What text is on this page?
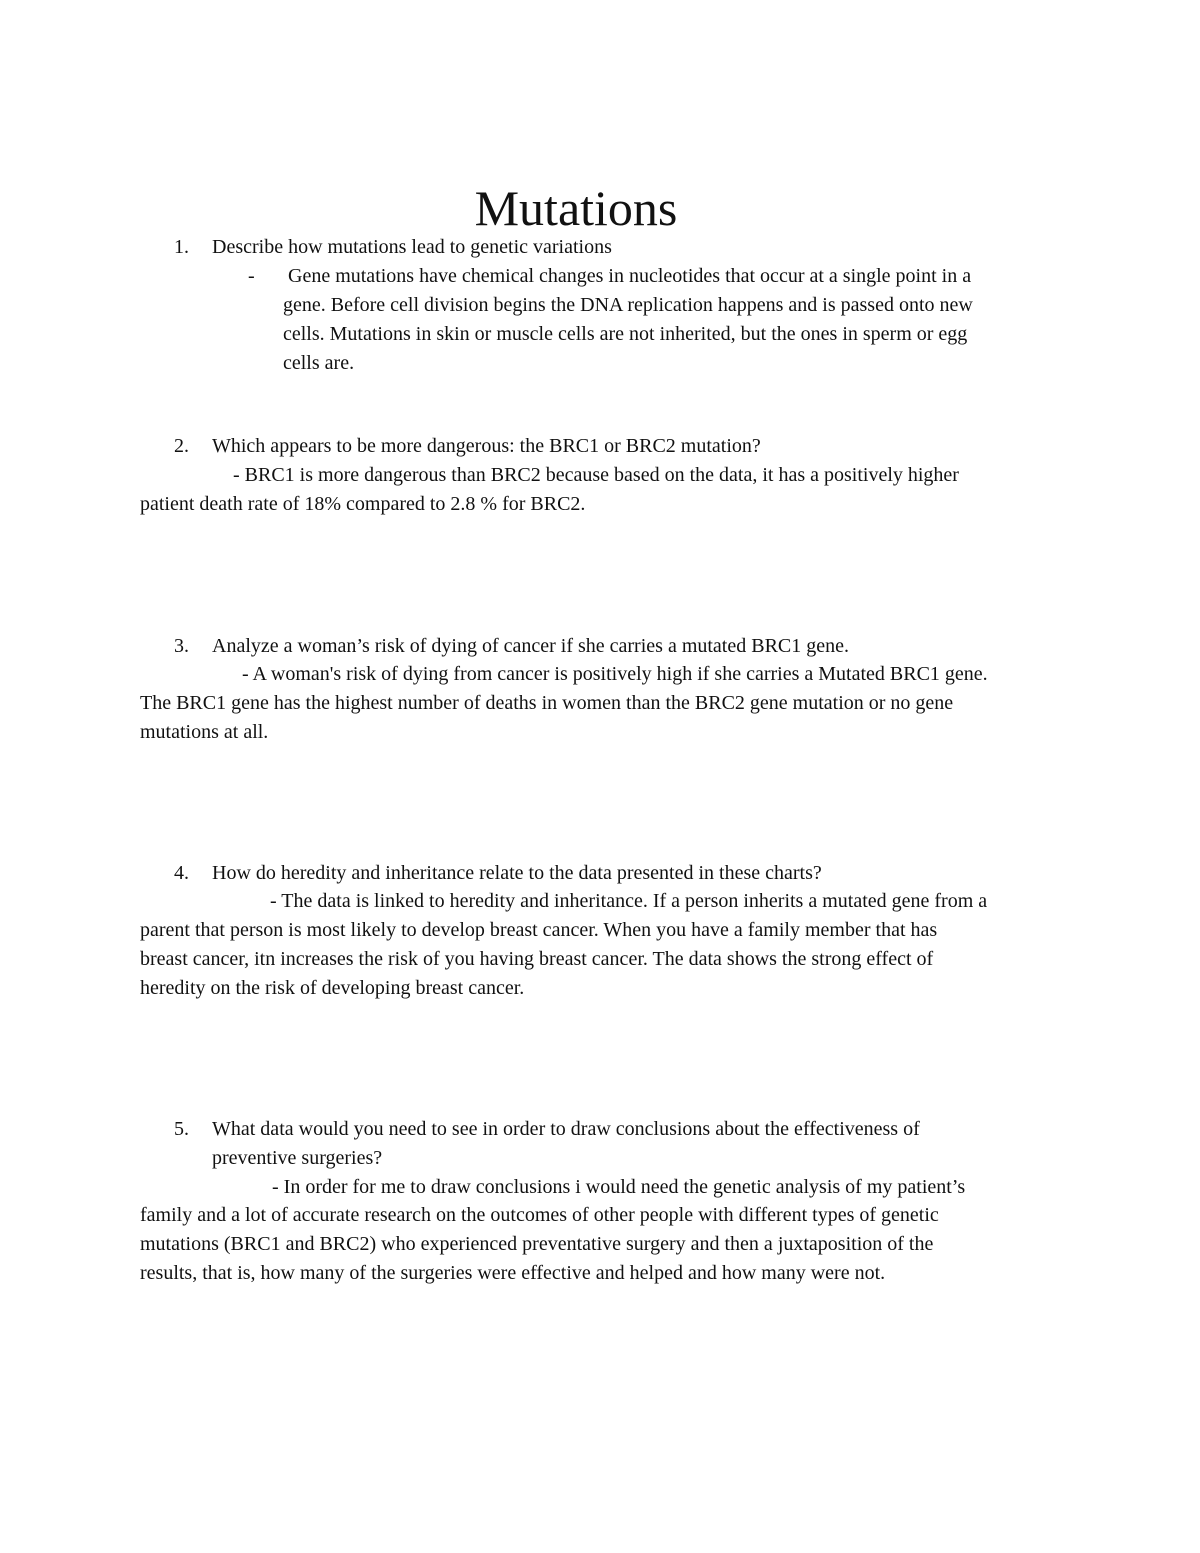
Mutations
1. Describe how mutations lead to genetic variations
- Gene mutations have chemical changes in nucleotides that occur at a single point in a
gene. Before cell division begins the DNA replication happens and is passed onto new
cells. Mutations in skin or muscle cells are not inherited, but the ones in sperm or egg
cells are.
2. Which appears to be more dangerous: the BRC1 or BRC2 mutation?
- BRC1 is more dangerous than BRC2 because based on the data, it has a positively higher
patient death rate of 18% compared to 2.8 % for BRC2.
3. Analyze a woman’s risk of dying of cancer if she carries a mutated BRC1 gene.
- A woman's risk of dying from cancer is positively high if she carries a Mutated BRC1 gene.
The BRC1 gene has the highest number of deaths in women than the BRC2 gene mutation or no gene
mutations at all.
4. How do heredity and inheritance relate to the data presented in these charts?
- The data is linked to heredity and inheritance. If a person inherits a mutated gene from a
parent that person is most likely to develop breast cancer. When you have a family member that has
breast cancer, itn increases the risk of you having breast cancer. The data shows the strong effect of
heredity on the risk of developing breast cancer.
5. What data would you need to see in order to draw conclusions about the effectiveness of
preventive surgeries?
- In order for me to draw conclusions i would need the genetic analysis of my patient’s
family and a lot of accurate research on the outcomes of other people with different types of genetic
mutations (BRC1 and BRC2) who experienced preventative surgery and then a juxtaposition of the
results, that is, how many of the surgeries were effective and helped and how many were not.
